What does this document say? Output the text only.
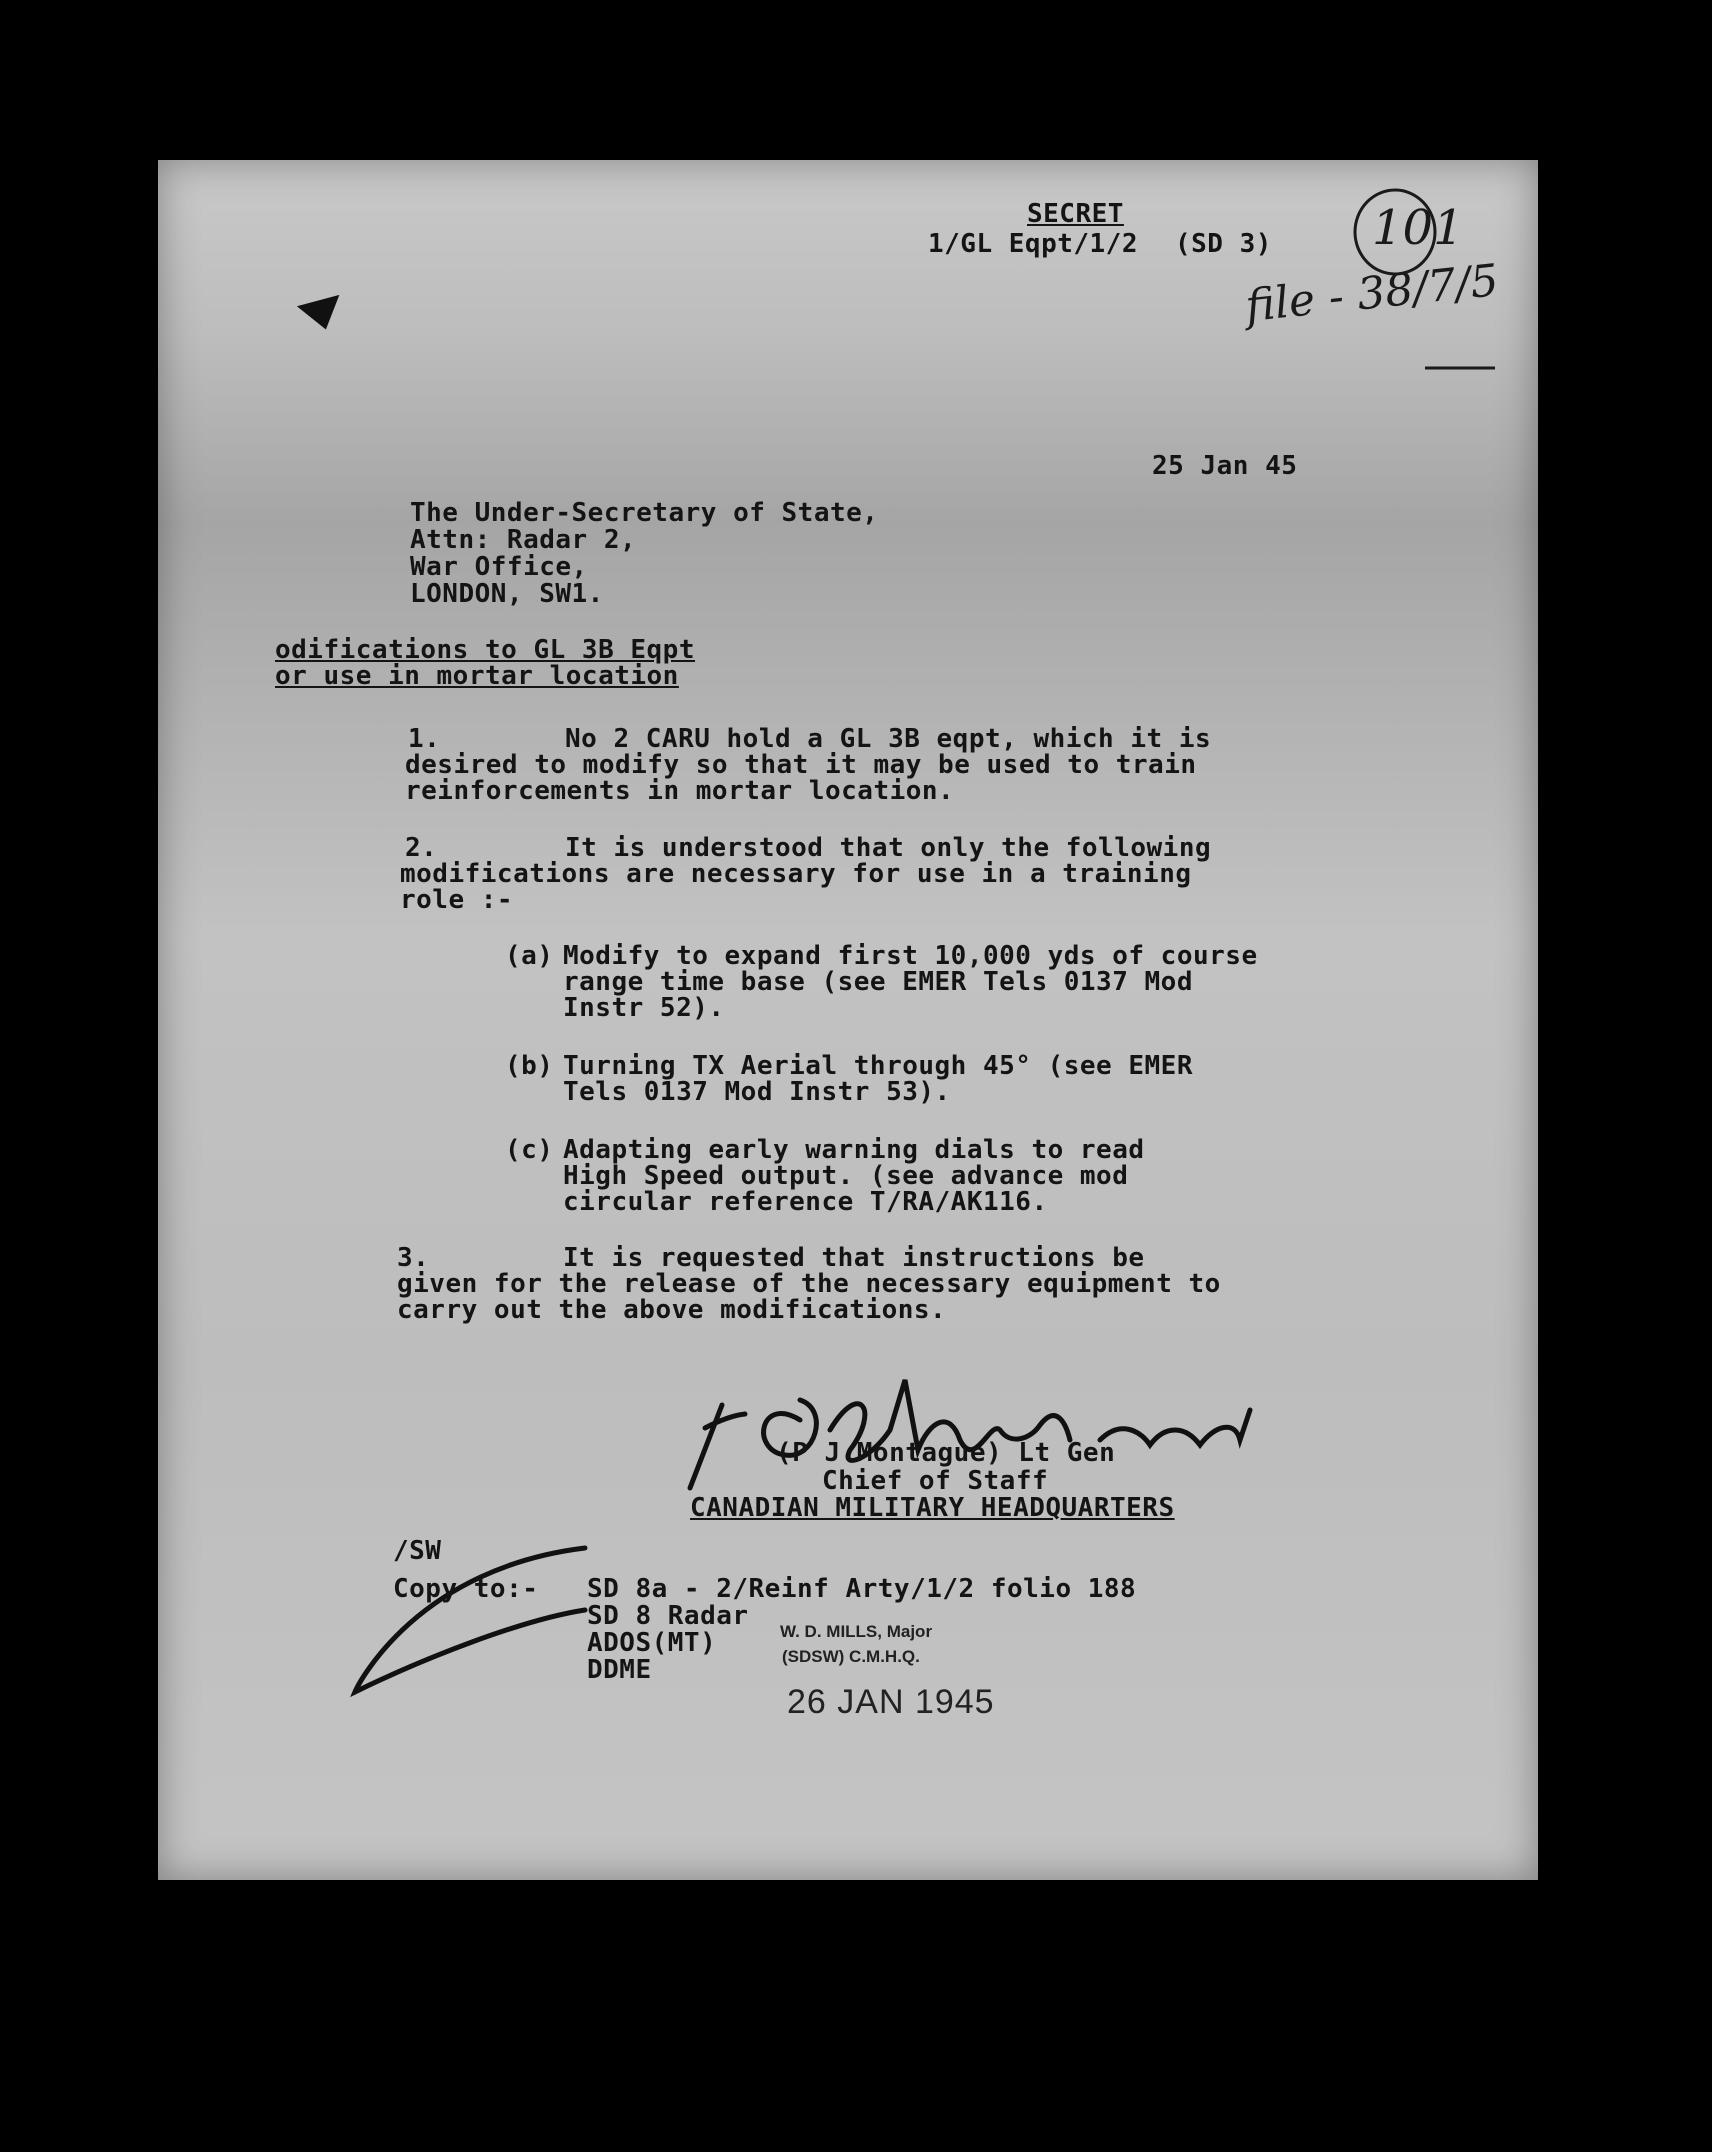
SECRET
1/GL Eqpt/1/2 (SD 3) 101
file - 38/7/5
25 Jan 45
The Under-Secretary of State,
Attn: Radar 2,
War Office,
LONDON, SW1.
odifications to GL 3B Eqpt
or use in mortar location
1.	No 2 CARU hold a GL 3B eqpt, which it is
desired to modify so that it may be used to train
reinforcements in mortar location.
2.	It is understood that only the following
modifications are necessary for use in a training
role :-
(a) Modify to expand first 10,000 yds of course
range time base (see EMER Tels 0137 Mod
Instr 52).
(b) Turning TX Aerial through 45° (see EMER
Tels 0137 Mod Instr 53).
(c) Adapting early warning dials to read
High Speed output. (see advance mod
circular reference T/RA/AK116.
3.	It is requested that instructions be
given for the release of the necessary equipment to
carry out the above modifications.
(P J Montague) Lt Gen
Chief of Staff
CANADIAN MILITARY HEADQUARTERS
/SW
Copy to:- SD 8a - 2/Reinf Arty/1/2 folio 188
SD 8 Radar
ADOS(MT)
DDME
W. D. MILLS, Major
(SDSW) C.M.H.Q.
26 JAN 1945
